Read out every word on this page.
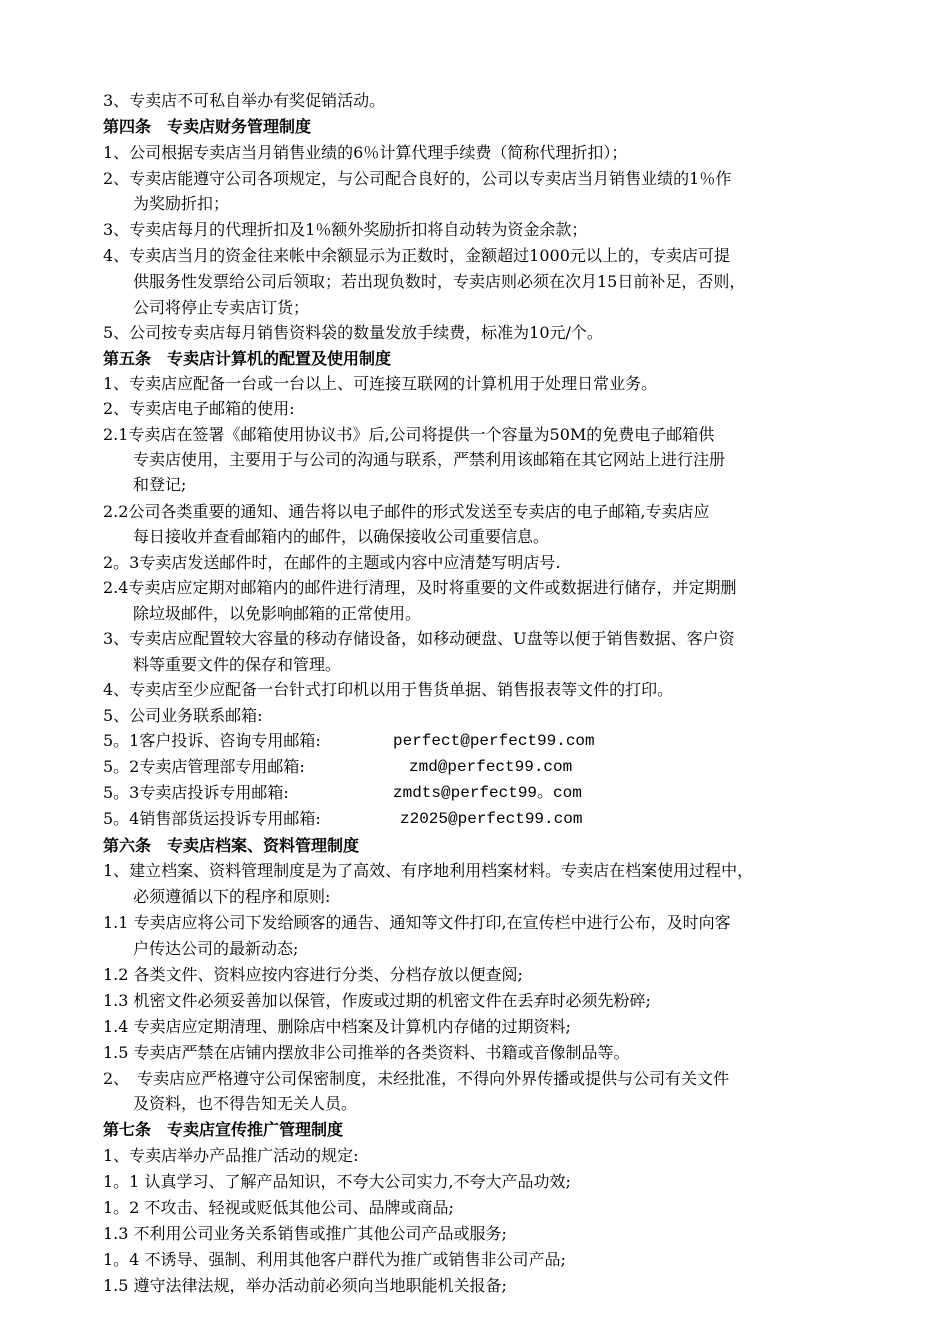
3、专卖店不可私自举办有奖促销活动。
第四条　专卖店财务管理制度
1、公司根据专卖店当月销售业绩的6％计算代理手续费（简称代理折扣）；
2、专卖店能遵守公司各项规定，与公司配合良好的，公司以专卖店当月销售业绩的1％作
为奖励折扣；
3、专卖店每月的代理折扣及1％额外奖励折扣将自动转为资金余款；
4、专卖店当月的资金往来帐中余额显示为正数时，金额超过1000元以上的，专卖店可提
供服务性发票给公司后领取；若出现负数时，专卖店则必须在次月15日前补足，否则，
公司将停止专卖店订货；
5、公司按专卖店每月销售资料袋的数量发放手续费，标准为10元/个。
第五条　专卖店计算机的配置及使用制度
1、专卖店应配备一台或一台以上、可连接互联网的计算机用于处理日常业务。
2、专卖店电子邮箱的使用:
2.1专卖店在签署《邮箱使用协议书》后,公司将提供一个容量为50M的免费电子邮箱供
专卖店使用，主要用于与公司的沟通与联系，严禁利用该邮箱在其它网站上进行注册
和登记;
2.2公司各类重要的通知、通告将以电子邮件的形式发送至专卖店的电子邮箱,专卖店应
每日接收并查看邮箱内的邮件，以确保接收公司重要信息。
2。3专卖店发送邮件时，在邮件的主题或内容中应清楚写明店号.
2.4专卖店应定期对邮箱内的邮件进行清理，及时将重要的文件或数据进行储存，并定期删
除垃圾邮件，以免影响邮箱的正常使用。
3、专卖店应配置较大容量的移动存储设备，如移动硬盘、U盘等以便于销售数据、客户资
料等重要文件的保存和管理。
4、专卖店至少应配备一台针式打印机以用于售货单据、销售报表等文件的打印。
5、公司业务联系邮箱:
5。1客户投诉、咨询专用邮箱:	perfect@perfect99.com
5。2专卖店管理部专用邮箱:	zmd@perfect99.com
5。3专卖店投诉专用邮箱:	zmdts@perfect99。com
5。4销售部货运投诉专用邮箱:	z2025@perfect99.com
第六条　专卖店档案、资料管理制度
1、建立档案、资料管理制度是为了高效、有序地利用档案材料。专卖店在档案使用过程中，
必须遵循以下的程序和原则:
1.1 专卖店应将公司下发给顾客的通告、通知等文件打印,在宣传栏中进行公布，及时向客
户传达公司的最新动态;
1.2 各类文件、资料应按内容进行分类、分档存放以便查阅;
1.3 机密文件必须妥善加以保管，作废或过期的机密文件在丢弃时必须先粉碎;
1.4 专卖店应定期清理、删除店中档案及计算机内存储的过期资料;
1.5 专卖店严禁在店铺内摆放非公司推举的各类资料、书籍或音像制品等。
2、　专卖店应严格遵守公司保密制度，未经批准，不得向外界传播或提供与公司有关文件
及资料，也不得告知无关人员。
第七条　专卖店宣传推广管理制度
1、专卖店举办产品推广活动的规定:
1。1 认真学习、了解产品知识，不夸大公司实力,不夸大产品功效;
1。2 不攻击、轻视或贬低其他公司、品牌或商品;
1.3 不利用公司业务关系销售或推广其他公司产品或服务;
1。4 不诱导、强制、利用其他客户群代为推广或销售非公司产品;
1.5 遵守法律法规，举办活动前必须向当地职能机关报备;
